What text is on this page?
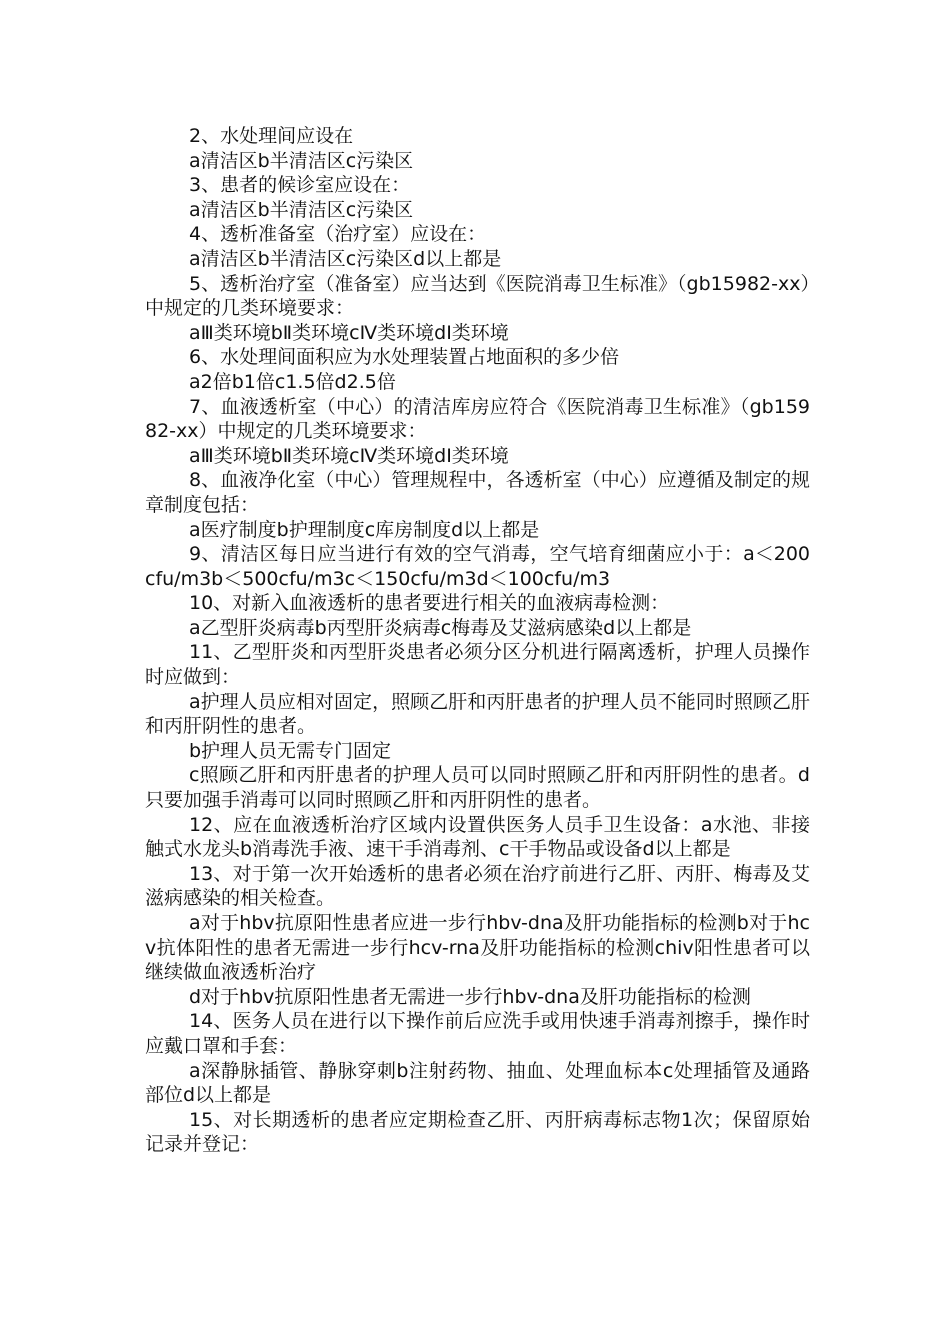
2、水处理间应设在

a清洁区b半清洁区c污染区

3、患者的候诊室应设在：

a清洁区b半清洁区c污染区

4、透析准备室（治疗室）应设在：

a清洁区b半清洁区c污染区d以上都是

5、透析治疗室（准备室）应当达到《医院消毒卫生标准》（gb15982-xx）中规定的几类环境要求：

aⅢ类环境bⅡ类环境cⅣ类环境dⅠ类环境

6、水处理间面积应为水处理装置占地面积的多少倍

a2倍b1倍c1.5倍d2.5倍

7、血液透析室（中心）的清洁库房应符合《医院消毒卫生标准》（gb15982-xx）中规定的几类环境要求：

aⅢ类环境bⅡ类环境cⅣ类环境dⅠ类环境

8、血液净化室（中心）管理规程中，各透析室（中心）应遵循及制定的规章制度包括：

a医疗制度b护理制度c库房制度d以上都是

9、清洁区每日应当进行有效的空气消毒，空气培育细菌应小于：a＜200cfu/m3b＜500cfu/m3c＜150cfu/m3d＜100cfu/m3

10、对新入血液透析的患者要进行相关的血液病毒检测：

a乙型肝炎病毒b丙型肝炎病毒c梅毒及艾滋病感染d以上都是

11、乙型肝炎和丙型肝炎患者必须分区分机进行隔离透析，护理人员操作时应做到：

a护理人员应相对固定，照顾乙肝和丙肝患者的护理人员不能同时照顾乙肝和丙肝阴性的患者。

b护理人员无需专门固定

c照顾乙肝和丙肝患者的护理人员可以同时照顾乙肝和丙肝阴性的患者。d只要加强手消毒可以同时照顾乙肝和丙肝阴性的患者。

12、应在血液透析治疗区域内设置供医务人员手卫生设备：a水池、非接触式水龙头b消毒洗手液、速干手消毒剂、c干手物品或设备d以上都是

13、对于第一次开始透析的患者必须在治疗前进行乙肝、丙肝、梅毒及艾滋病感染的相关检查。

a对于hbv抗原阳性患者应进一步行hbv-dna及肝功能指标的检测b对于hcv抗体阳性的患者无需进一步行hcv-rna及肝功能指标的检测chiv阳性患者可以继续做血液透析治疗

d对于hbv抗原阳性患者无需进一步行hbv-dna及肝功能指标的检测

14、医务人员在进行以下操作前后应洗手或用快速手消毒剂擦手，操作时应戴口罩和手套：

a深静脉插管、静脉穿刺b注射药物、抽血、处理血标本c处理插管及通路部位d以上都是

15、对长期透析的患者应定期检查乙肝、丙肝病毒标志物1次；保留原始记录并登记：
